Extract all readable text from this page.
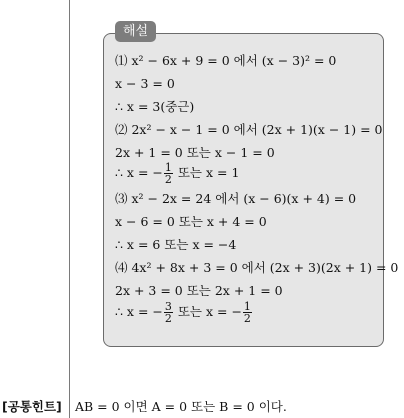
해설
⑴ x² − 6x + 9 = 0 에서 (x − 3)² = 0
x − 3 = 0
∴ x = 3(중근)
⑵ 2x² − x − 1 = 0 에서 (2x + 1)(x − 1) = 0
2x + 1 = 0 또는 x − 1 = 0
∴ x = − $\frac{1}{2}$ 또는 x = 1
⑶ x² − 2x = 24 에서 (x − 6)(x + 4) = 0
x − 6 = 0 또는 x + 4 = 0
∴ x = 6 또는 x = −4
⑷ 4x² + 8x + 3 = 0 에서 (2x + 3)(2x + 1) = 0
2x + 3 = 0 또는 2x + 1 = 0
∴ x = − $\frac{3}{2}$ 또는 x = − $\frac{1}{2}$
[공통힌트] AB = 0 이면 A = 0 또는 B = 0 이다.
